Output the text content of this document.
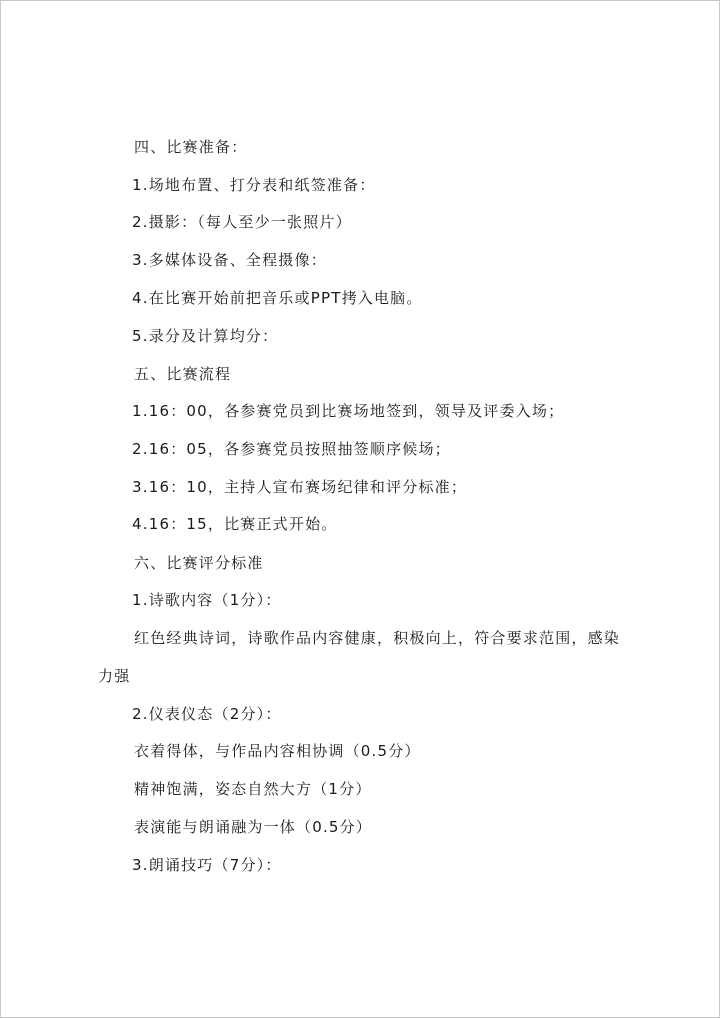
四、比赛准备：
1.场地布置、打分表和纸签准备：
2.摄影：（每人至少一张照片）
3.多媒体设备、全程摄像：
4.在比赛开始前把音乐或PPT拷入电脑。
5.录分及计算均分：
五、比赛流程
1.16：00，各参赛党员到比赛场地签到，领导及评委入场；
2.16：05，各参赛党员按照抽签顺序候场；
3.16：10，主持人宣布赛场纪律和评分标准；
4.16：15，比赛正式开始。
六、比赛评分标准
1.诗歌内容（1分）：
红色经典诗词，诗歌作品内容健康，积极向上，符合要求范围，感染
力强
2.仪表仪态（2分）：
衣着得体，与作品内容相协调（0.5分）
精神饱满，姿态自然大方（1分）
表演能与朗诵融为一体（0.5分）
3.朗诵技巧（7分）：
